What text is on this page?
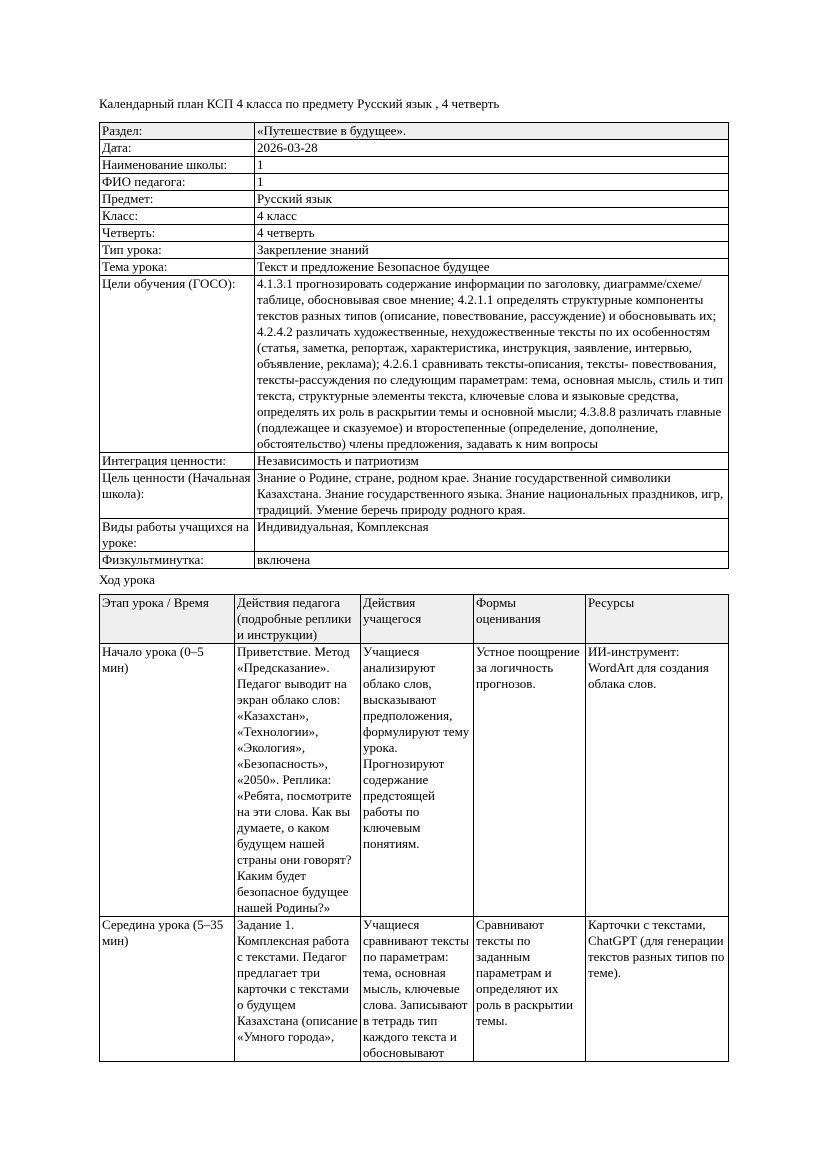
Календарный план КСП 4 класса по предмету Русский язык , 4 четверть
Раздел:	«Путешествие в будущее».
Дата:	2026-03-28
Наименование школы:	1
ФИО педагога:	1
Предмет:	Русский язык
Класс:	4 класс
Четверть:	4 четверть
Тип урока:	Закрепление знаний
Тема урока:	Текст и предложение Безопасное будущее
Цели обучения (ГОСО):	4.1.3.1 прогнозировать содержание информации по заголовку, диаграмме/схеме/ таблице, обосновывая свое мнение; 4.2.1.1 определять структурные компоненты текстов разных типов (описание, повествование, рассуждение) и обосновывать их; 4.2.4.2 различать художественные, нехудожественные тексты по их особенностям (статья, заметка, репортаж, характеристика, инструкция, заявление, интервью, объявление, реклама); 4.2.6.1 сравнивать тексты-описания, тексты- повествования, тексты-рассуждения по следующим параметрам: тема, основная мысль, стиль и тип текста, структурные элементы текста, ключевые слова и языковые средства, определять их роль в раскрытии темы и основной мысли; 4.3.8.8 различать главные (подлежащее и сказуемое) и второстепенные (определение, дополнение, обстоятельство) члены предложения, задавать к ним вопросы
Интеграция ценности:	Независимость и патриотизм
Цель ценности (Начальная школа):	Знание о Родине, стране, родном крае. Знание государственной символики Казахстана. Знание государственного языка. Знание национальных праздников, игр, традиций. Умение беречь природу родного края.
Виды работы учащихся на уроке:	Индивидуальная, Комплексная
Физкультминутка:	включена
Ход урока
Этап урока / Время	Действия педагога (подробные реплики и инструкции)	Действия учащегося	Формы оценивания	Ресурсы
Начало урока (0–5 мин)	Приветствие. Метод «Предсказание». Педагог выводит на экран облако слов: «Казахстан», «Технологии», «Экология», «Безопасность», «2050». Реплика: «Ребята, посмотрите на эти слова. Как вы думаете, о каком будущем нашей страны они говорят? Каким будет безопасное будущее нашей Родины?»	Учащиеся анализируют облако слов, высказывают предположения, формулируют тему урока. Прогнозируют содержание предстоящей работы по ключевым понятиям.	Устное поощрение за логичность прогнозов.	ИИ-инструмент: WordArt для создания облака слов.
Середина урока (5–35 мин)	Задание 1. Комплексная работа с текстами. Педагог предлагает три карточки с текстами о будущем Казахстана (описание «Умного города»,	Учащиеся сравнивают тексты по параметрам: тема, основная мысль, ключевые слова. Записывают в тетрадь тип каждого текста и обосновывают	Сравнивают тексты по заданным параметрам и определяют их роль в раскрытии темы.	Карточки с текстами, ChatGPT (для генерации текстов разных типов по теме).
